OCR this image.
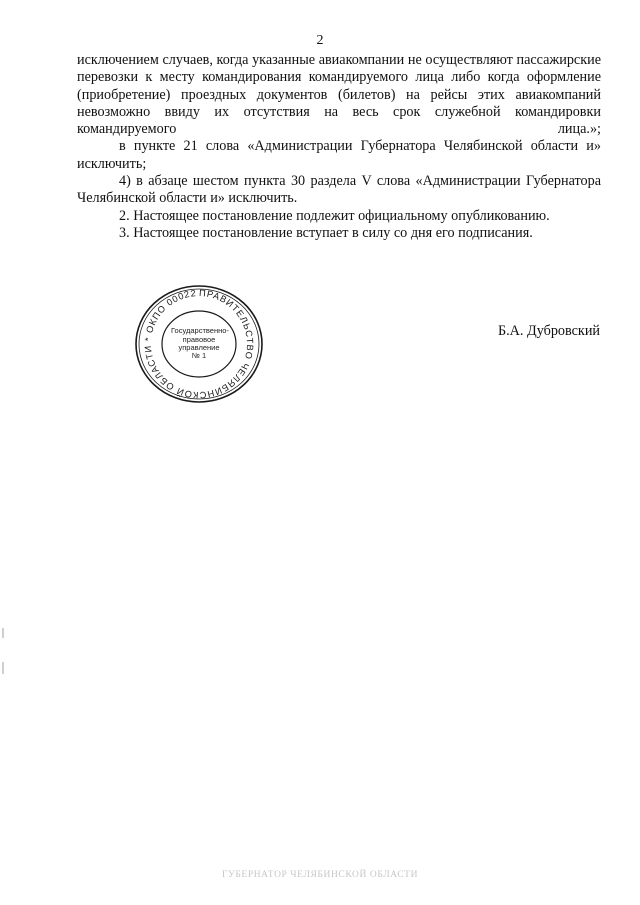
2

исключением случаев, когда указанные авиакомпании не осуществляют пассажирские перевозки к месту командирования командируемого лица либо когда оформление (приобретение) проездных документов (билетов) на рейсы этих авиакомпаний невозможно ввиду их отсутствия на весь срок служебной командировки командируемого лица.»;

в пункте 21 слова «Администрации Губернатора Челябинской области и» исключить;

4) в абзаце шестом пункта 30 раздела V слова «Администрации Губернатора Челябинской области и» исключить.

2. Настоящее постановление подлежит официальному опубликованию.

3. Настоящее постановление вступает в силу со дня его подписания.

ПРАВИТЕЛЬСТВО ЧЕЛЯБИНСКОЙ ОБЛАСТИ * ОКПО 00022
Государственно-
правовое
управление
№ 1
Б.А. Дубровский
ГУБЕРНАТОР ЧЕЛЯБИНСКОЙ ОБЛАСТИ
